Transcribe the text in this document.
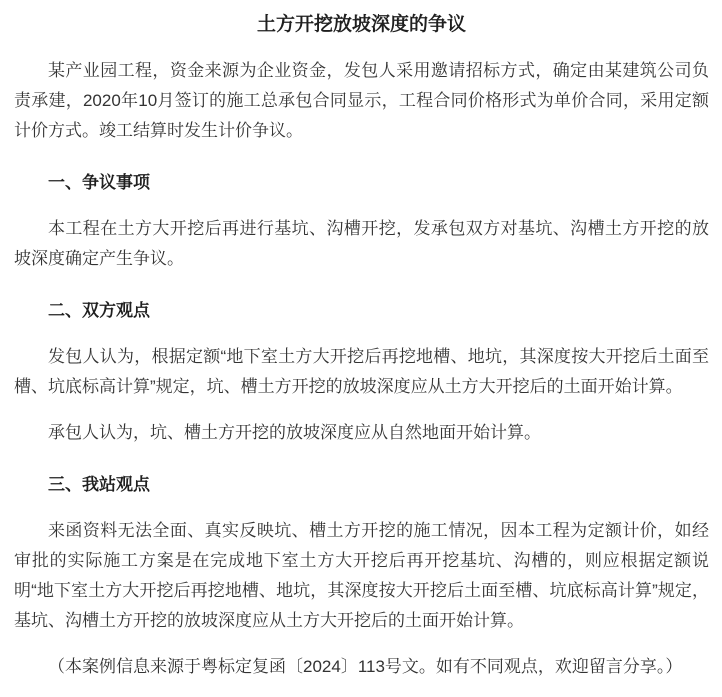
土方开挖放坡深度的争议

某产业园工程，资金来源为企业资金，发包人采用邀请招标方式，确定由某建筑公司负责承建，2020年10月签订的施工总承包合同显示，工程合同价格形式为单价合同，采用定额计价方式。竣工结算时发生计价争议。

一、争议事项

本工程在土方大开挖后再进行基坑、沟槽开挖，发承包双方对基坑、沟槽土方开挖的放坡深度确定产生争议。

二、双方观点

发包人认为，根据定额“地下室土方大开挖后再挖地槽、地坑，其深度按大开挖后土面至槽、坑底标高计算”规定，坑、槽土方开挖的放坡深度应从土方大开挖后的土面开始计算。

承包人认为，坑、槽土方开挖的放坡深度应从自然地面开始计算。

三、我站观点

来函资料无法全面、真实反映坑、槽土方开挖的施工情况，因本工程为定额计价，如经审批的实际施工方案是在完成地下室土方大开挖后再开挖基坑、沟槽的，则应根据定额说明“地下室土方大开挖后再挖地槽、地坑，其深度按大开挖后土面至槽、坑底标高计算”规定，基坑、沟槽土方开挖的放坡深度应从土方大开挖后的土面开始计算。

（本案例信息来源于粤标定复函〔2024〕113号文。如有不同观点，欢迎留言分享。）
